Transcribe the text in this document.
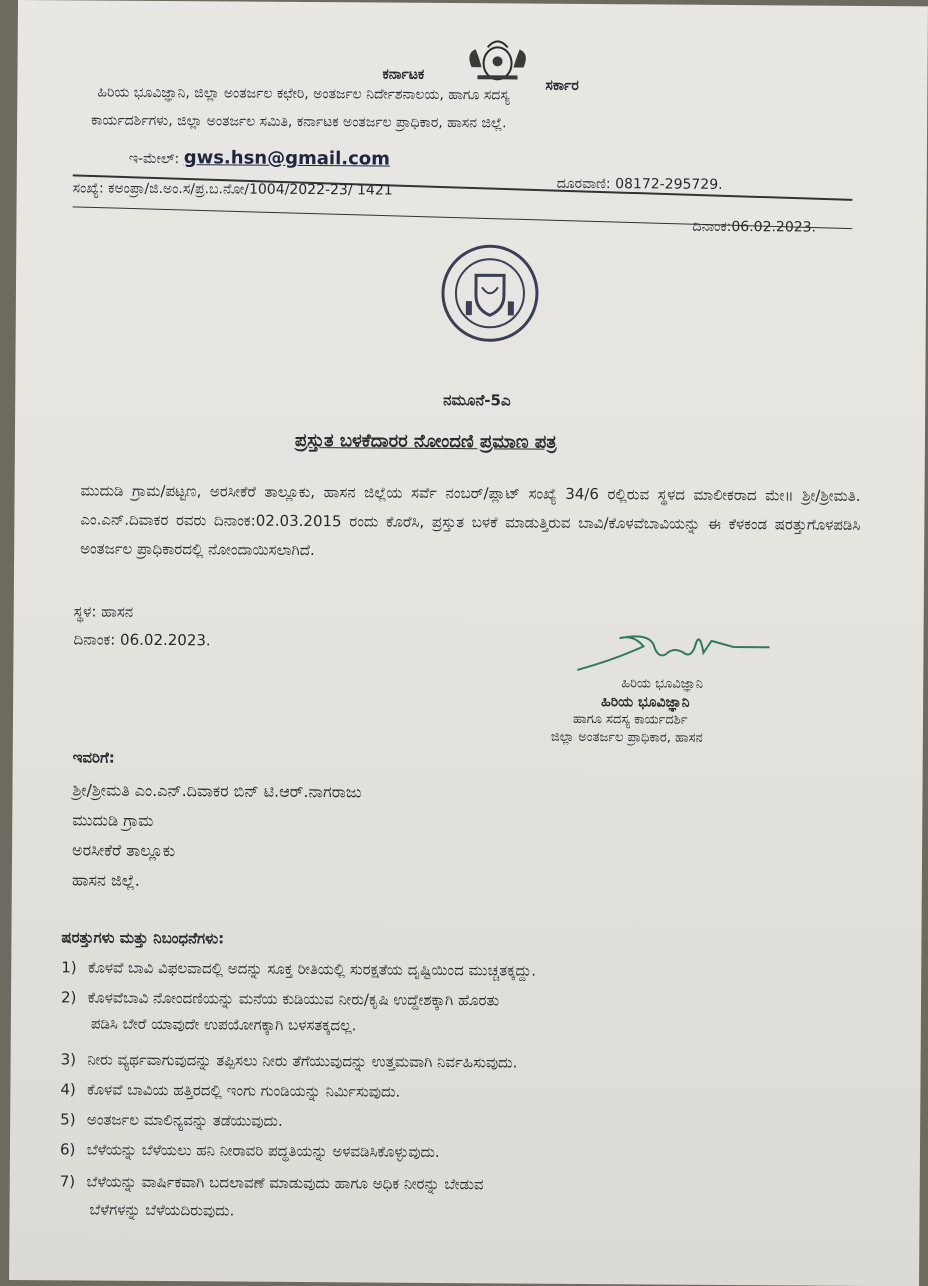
ಕರ್ನಾಟಕ
ಸರ್ಕಾರ
ಹಿರಿಯ ಭೂವಿಜ್ಞಾನಿ, ಜಿಲ್ಲಾ ಅಂತರ್ಜಲ ಕಛೇರಿ, ಅಂತರ್ಜಲ ನಿರ್ದೇಶನಾಲಯ, ಹಾಗೂ ಸದಸ್ಯ
ಕಾರ್ಯದರ್ಶಿಗಳು, ಜಿಲ್ಲಾ ಅಂತರ್ಜಲ ಸಮಿತಿ, ಕರ್ನಾಟಕ ಅಂತರ್ಜಲ ಪ್ರಾಧಿಕಾರ, ಹಾಸನ ಜಿಲ್ಲೆ.
ಇ-ಮೇಲ್: gws.hsn@gmail.com
ದೂರವಾಣಿ: 08172-295729.
ಸಂಖ್ಯೆ: ಕಅಂಪ್ರಾ/ಜಿ.ಅಂ.ಸ/ಪ್ರ.ಬ.ನೋ/1004/2022-23/ 1421
ದಿನಾಂಕ:06.02.2023.
ನಮೂನೆ-5ಎ
ಪ್ರಸ್ತುತ ಬಳಕೆದಾರರ ನೋಂದಣಿ ಪ್ರಮಾಣ ಪತ್ರ
ಮುದುಡಿ ಗ್ರಾಮ/ಪಟ್ಟಣ, ಅರಸೀಕೆರೆ ತಾಲ್ಲೂಕು, ಹಾಸನ ಜಿಲ್ಲೆಯ ಸರ್ವೆ ನಂಬರ್/ಪ್ಲಾಟ್ ಸಂಖ್ಯೆ 34/6 ರಲ್ಲಿರುವ ಸ್ಥಳದ ಮಾಲೀಕರಾದ ಮೇ॥ ಶ್ರೀ/ಶ್ರೀಮತಿ. ಎಂ.ಎನ್.ದಿವಾಕರ ರವರು ದಿನಾಂಕ:02.03.2015 ರಂದು ಕೊರೆಸಿ, ಪ್ರಸ್ತುತ ಬಳಕೆ ಮಾಡುತ್ತಿರುವ ಬಾವಿ/ಕೊಳವೆಬಾವಿಯನ್ನು ಈ ಕೆಳಕಂಡ ಷರತ್ತುಗೊಳಪಡಿಸಿ ಅಂತರ್ಜಲ ಪ್ರಾಧಿಕಾರದಲ್ಲಿ ನೋಂದಾಯಿಸಲಾಗಿದೆ.
ಸ್ಥಳ: ಹಾಸನ
ದಿನಾಂಕ: 06.02.2023.
ಹಿರಿಯ ಭೂವಿಜ್ಞಾನಿ
ಹಿರಿಯ ಭೂವಿಜ್ಞಾನಿ
ಹಾಗೂ ಸದಸ್ಯ ಕಾರ್ಯದರ್ಶಿ
ಜಿಲ್ಲಾ ಅಂತರ್ಜಲ ಪ್ರಾಧಿಕಾರ, ಹಾಸನ
ಇವರಿಗೆ:
ಶ್ರೀ/ಶ್ರೀಮತಿ ಎಂ.ಎನ್.ದಿವಾಕರ ಬಿನ್ ಟಿ.ಆರ್.ನಾಗರಾಜು
ಮುದುಡಿ ಗ್ರಾಮ
ಅರಸೀಕೆರೆ ತಾಲ್ಲೂಕು
ಹಾಸನ ಜಿಲ್ಲೆ.
ಷರತ್ತುಗಳು ಮತ್ತು ನಿಬಂಧನೆಗಳು:
1) ಕೊಳವೆ ಬಾವಿ ವಿಫಲವಾದಲ್ಲಿ ಅದನ್ನು ಸೂಕ್ತ ರೀತಿಯಲ್ಲಿ ಸುರಕ್ಷತೆಯ ದೃಷ್ಟಿಯಿಂದ ಮುಚ್ಚತಕ್ಕದ್ದು.
2) ಕೊಳವೆಬಾವಿ ನೋಂದಣಿಯನ್ನು ಮನೆಯ ಕುಡಿಯುವ ನೀರು/ಕೃಷಿ ಉದ್ದೇಶಕ್ಕಾಗಿ ಹೊರತು
ಪಡಿಸಿ ಬೇರೆ ಯಾವುದೇ ಉಪಯೋಗಕ್ಕಾಗಿ ಬಳಸತಕ್ಕದಲ್ಲ.
3) ನೀರು ವ್ಯರ್ಥವಾಗುವುದನ್ನು ತಪ್ಪಿಸಲು ನೀರು ತೆಗೆಯುವುದನ್ನು ಉತ್ತಮವಾಗಿ ನಿರ್ವಹಿಸುವುದು.
4) ಕೊಳವೆ ಬಾವಿಯ ಹತ್ತಿರದಲ್ಲಿ ಇಂಗು ಗುಂಡಿಯನ್ನು ನಿರ್ಮಿಸುವುದು.
5) ಅಂತರ್ಜಲ ಮಾಲಿನ್ಯವನ್ನು ತಡೆಯುವುದು.
6) ಬೆಳೆಯನ್ನು ಬೆಳೆಯಲು ಹನಿ ನೀರಾವರಿ ಪದ್ಧತಿಯನ್ನು ಅಳವಡಿಸಿಕೊಳ್ಳುವುದು.
7) ಬೆಳೆಯನ್ನು ವಾರ್ಷಿಕವಾಗಿ ಬದಲಾವಣೆ ಮಾಡುವುದು ಹಾಗೂ ಅಧಿಕ ನೀರನ್ನು ಬೇಡುವ
ಬೆಳೆಗಳನ್ನು ಬೆಳೆಯದಿರುವುದು.
